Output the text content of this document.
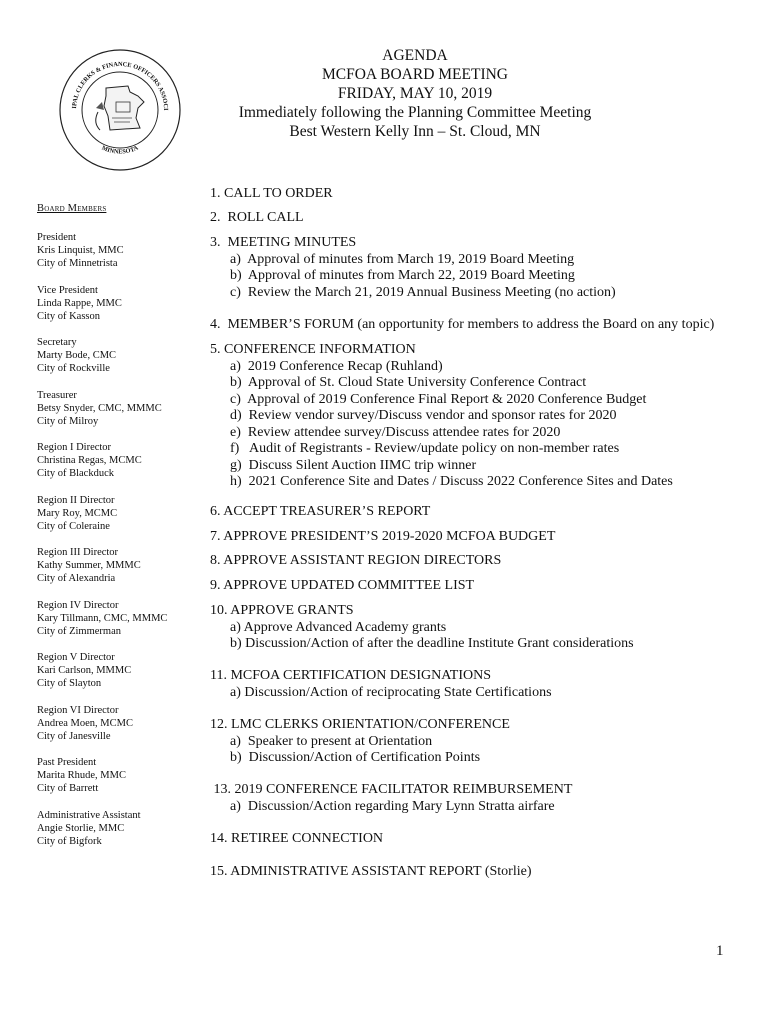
IPAL CLERKS & FINANCE OFFICERS ASSOCI
MINNESOTA
AGENDA
MCFOA BOARD MEETING
FRIDAY, MAY 10, 2019
Immediately following the Planning Committee Meeting
Best Western Kelly Inn – St. Cloud, MN
Board Members
President
Kris Linquist, MMC
City of Minnetrista
Vice President
Linda Rappe, MMC
City of Kasson
Secretary
Marty Bode, CMC
City of Rockville
Treasurer
Betsy Snyder, CMC, MMMC
City of Milroy
Region I Director
Christina Regas, MCMC
City of Blackduck
Region II Director
Mary Roy, MCMC
City of Coleraine
Region III Director
Kathy Summer, MMMC
City of Alexandria
Region IV Director
Kary Tillmann, CMC, MMMC
City of Zimmerman
Region V Director
Kari Carlson, MMMC
City of Slayton
Region VI Director
Andrea Moen, MCMC
City of Janesville
Past President
Marita Rhude, MMC
City of Barrett
Administrative Assistant
Angie Storlie, MMC
City of Bigfork
1. CALL TO ORDER
2.  ROLL CALL
3.  MEETING MINUTES
a)  Approval of minutes from March 19, 2019 Board Meeting
b)  Approval of minutes from March 22, 2019 Board Meeting
c)  Review the March 21, 2019 Annual Business Meeting (no action)
4.  MEMBER’S FORUM (an opportunity for members to address the Board on any topic)
5. CONFERENCE INFORMATION
a)  2019 Conference Recap (Ruhland)
b)  Approval of St. Cloud State University Conference Contract
c)  Approval of 2019 Conference Final Report & 2020 Conference Budget
d)  Review vendor survey/Discuss vendor and sponsor rates for 2020
e)  Review attendee survey/Discuss attendee rates for 2020
f)   Audit of Registrants - Review/update policy on non-member rates
g)  Discuss Silent Auction IIMC trip winner
h)  2021 Conference Site and Dates / Discuss 2022 Conference Sites and Dates
6. ACCEPT TREASURER’S REPORT
7. APPROVE PRESIDENT’S 2019-2020 MCFOA BUDGET
8. APPROVE ASSISTANT REGION DIRECTORS
9. APPROVE UPDATED COMMITTEE LIST
10. APPROVE GRANTS
a) Approve Advanced Academy grants
b) Discussion/Action of after the deadline Institute Grant considerations
11. MCFOA CERTIFICATION DESIGNATIONS
a) Discussion/Action of reciprocating State Certifications
12. LMC CLERKS ORIENTATION/CONFERENCE
a)  Speaker to present at Orientation
b)  Discussion/Action of Certification Points
13. 2019 CONFERENCE FACILITATOR REIMBURSEMENT
a)  Discussion/Action regarding Mary Lynn Stratta airfare
14. RETIREE CONNECTION
15. ADMINISTRATIVE ASSISTANT REPORT (Storlie)
1
